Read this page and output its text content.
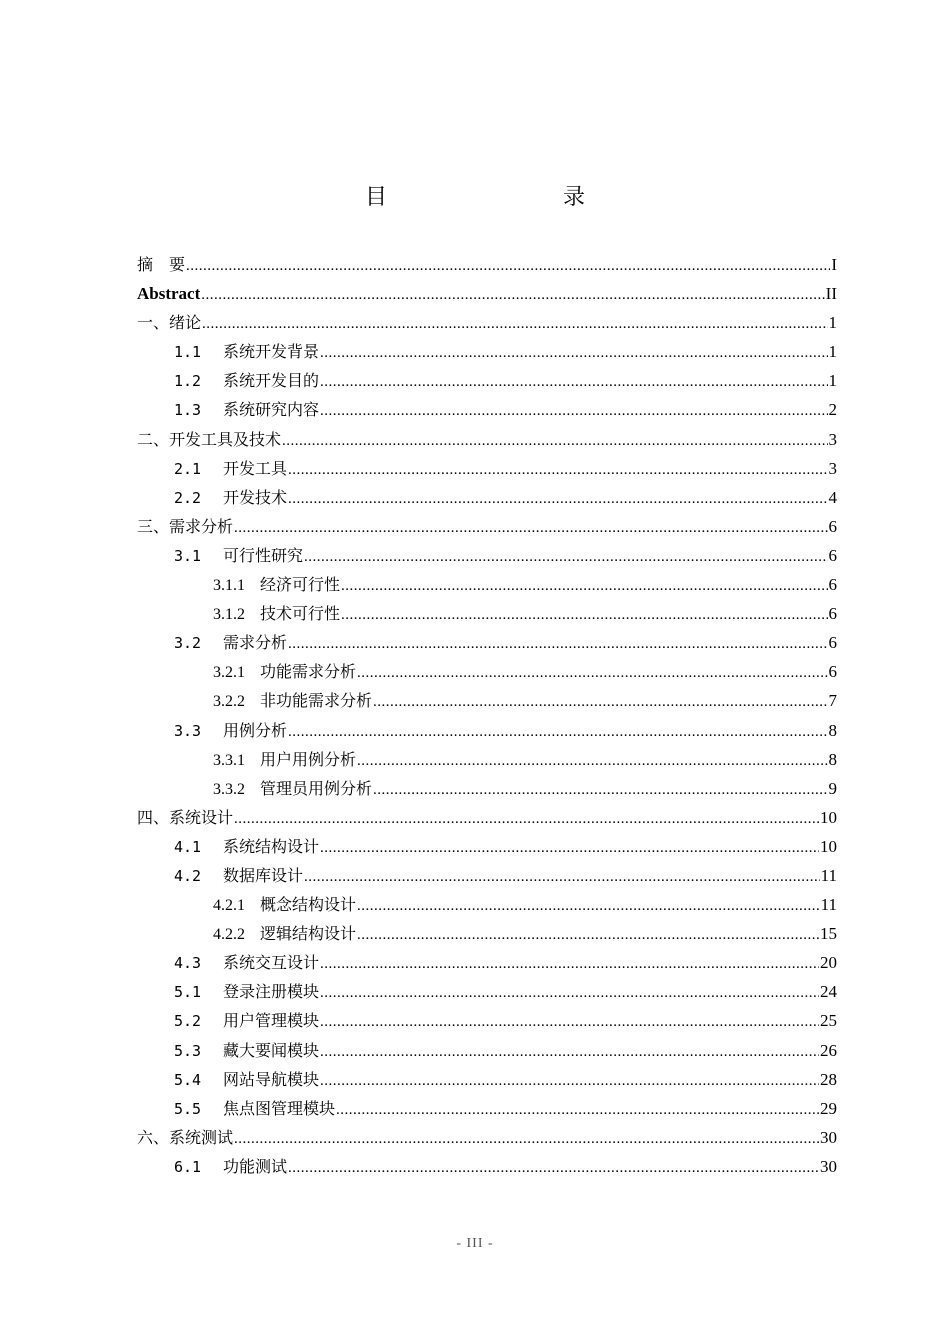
目　　录
摘　要 .....	I
Abstract .....	II
一、绪论 .....	1
1.1	系统开发背景 .....	1
1.2	系统开发目的 .....	1
1.3	系统研究内容 .....	2
二、开发工具及技术 .....	3
2.1	开发工具 .....	3
2.2	开发技术 .....	4
三、需求分析 .....	6
3.1	可行性研究 .....	6
3.1.1 经济可行性 .....	6
3.1.2 技术可行性 .....	6
3.2	需求分析 .....	6
3.2.1 功能需求分析 .....	6
3.2.2 非功能需求分析 .....	7
3.3	用例分析 .....	8
3.3.1 用户用例分析 .....	8
3.3.2 管理员用例分析 .....	9
四、系统设计 .....	10
4.1	系统结构设计 .....	10
4.2	数据库设计 .....	11
4.2.1 概念结构设计 .....	11
4.2.2 逻辑结构设计 .....	15
4.3	系统交互设计 .....	20
5.1	登录注册模块 .....	24
5.2	用户管理模块 .....	25
5.3	藏大要闻模块 .....	26
5.4	网站导航模块 .....	28
5.5	焦点图管理模块 .....	29
六、系统测试 .....	30
6.1	功能测试 .....	30
- III -
